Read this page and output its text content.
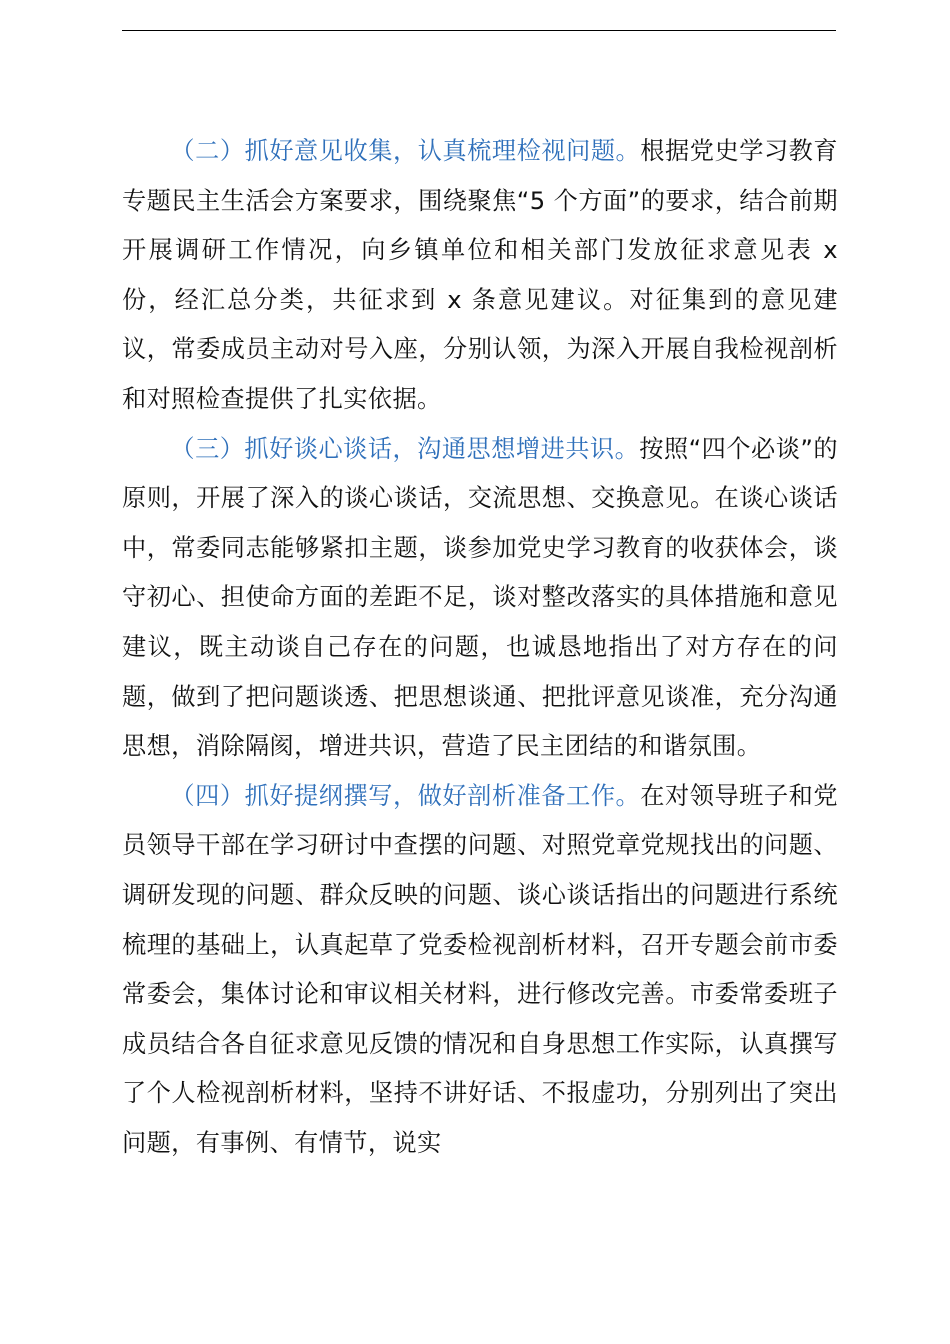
（二）抓好意见收集，认真梳理检视问题。根据党史学习教育专题民主生活会方案要求，围绕聚焦“5 个方面”的要求，结合前期开展调研工作情况，向乡镇单位和相关部门发放征求意见表 x 份，经汇总分类，共征求到 x 条意见建议。对征集到的意见建议，常委成员主动对号入座，分别认领，为深入开展自我检视剖析和对照检查提供了扎实依据。

（三）抓好谈心谈话，沟通思想增进共识。按照“四个必谈”的原则，开展了深入的谈心谈话，交流思想、交换意见。在谈心谈话中，常委同志能够紧扣主题，谈参加党史学习教育的收获体会，谈守初心、担使命方面的差距不足，谈对整改落实的具体措施和意见建议，既主动谈自己存在的问题，也诚恳地指出了对方存在的问题，做到了把问题谈透、把思想谈通、把批评意见谈准，充分沟通思想，消除隔阂，增进共识，营造了民主团结的和谐氛围。

（四）抓好提纲撰写，做好剖析准备工作。在对领导班子和党员领导干部在学习研讨中查摆的问题、对照党章党规找出的问题、调研发现的问题、群众反映的问题、谈心谈话指出的问题进行系统梳理的基础上，认真起草了党委检视剖析材料，召开专题会前市委常委会，集体讨论和审议相关材料，进行修改完善。市委常委班子成员结合各自征求意见反馈的情况和自身思想工作实际，认真撰写了个人检视剖析材料，坚持不讲好话、不报虚功，分别列出了突出问题，有事例、有情节，说实
